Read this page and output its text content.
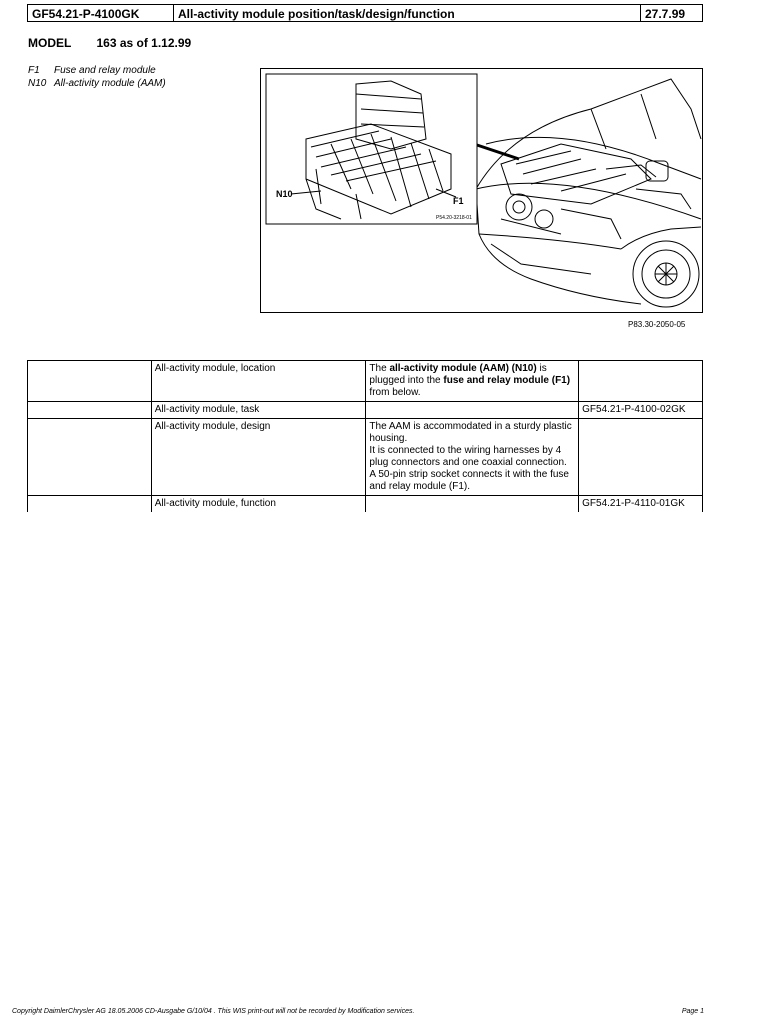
GF54.21-P-4100GK	All-activity module position/task/design/function	27.7.99
MODEL 163 as of 1.12.99
F1	Fuse and relay module
N10 All-activity module (AAM)
N10
F1
P54.20-3218-01
P83.30-2050-05
	All-activity module, location	The all-activity module (AAM) (N10) is plugged into the fuse and relay module (F1) from below.	
	All-activity module, task		GF54.21-P-4100-02GK
	All-activity module, design	The AAM is accommodated in a sturdy plastic housing.
It is connected to the wiring harnesses by 4 plug connectors and one coaxial connection.
A 50-pin strip socket connects it with the fuse and relay module (F1).	

	All-activity module, function		GF54.21-P-4110-01GK
Copyright DaimlerChrysler AG 18.05.2006 CD-Ausgabe G/10/04 . This WIS print-out will not be recorded by Modification services.	Page 1
